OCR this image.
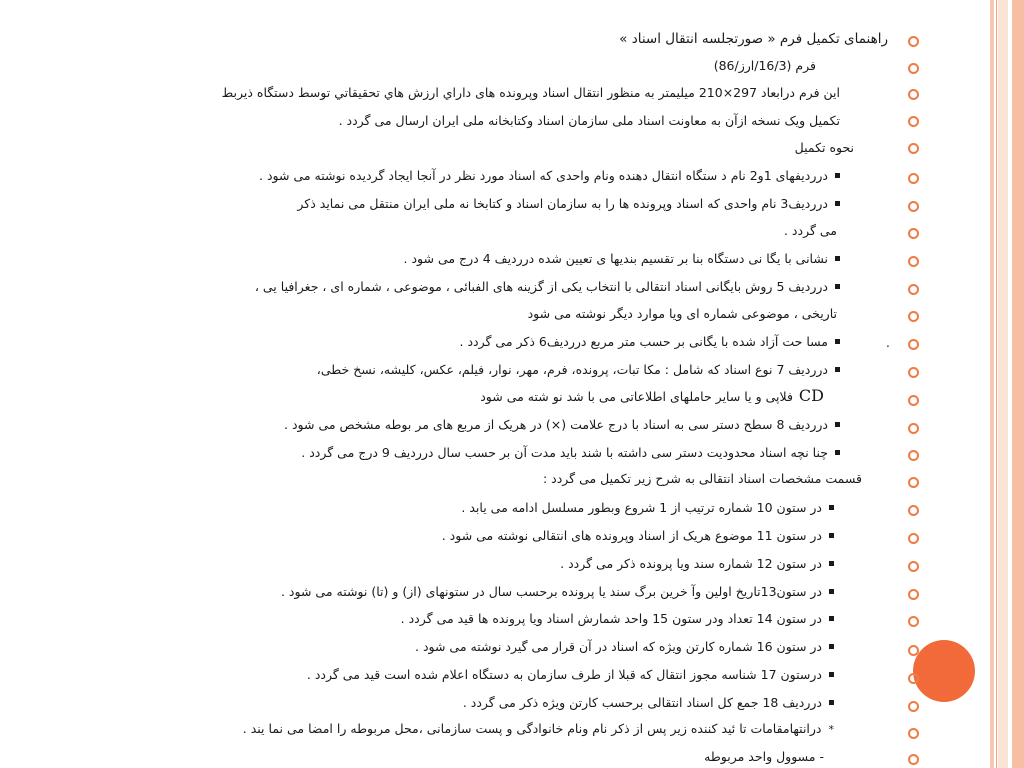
.
راهنمای تکمیل فرم « صورتجلسه انتقال اسناد »
فرم (16/3/ارز/86)
این فرم درابعاد 297×210 میلیمتر به منظور انتقال اسناد وپرونده های داراي ارزش هاي تحقيقاتي توسط دستگاه ذيربط
تکمیل ویک نسخه ازآن به معاونت اسناد ملی سازمان اسناد وکتابخانه ملی ایران ارسال می گردد .
نحوه تکمیل
درردیفهای 1و2 نام د ستگاه انتقال دهنده ونام واحدی که اسناد مورد نظر در آنجا ایجاد گردیده نوشته می شود .
درردیف3 نام واحدی که اسناد وپرونده ها را به سازمان اسناد و کتابخا نه ملی ایران منتقل می نماید ذکر
می گردد .
نشانی با یگا نی دستگاه بنا بر تقسیم بندیها ی تعیین شده درردیف 4 درج می شود .
درردیف 5 روش بایگانی اسناد انتقالی با انتخاب یکی از گزینه های الفبائی ، موضوعی ، شماره ای ، جغرافیا یی ،
تاریخی ، موضوعی شماره ای ویا موارد دیگر نوشته می شود
مسا حت آزاد شده با یگانی بر حسب متر مربع درردیف6 ذکر می گردد .
درردیف 7 نوع اسناد که شامل : مکا تبات، پرونده، فرم، مهر، نوار، فیلم، عکس، کلیشه، نسخ خطی،
CDفلاپی و یا سایر حاملهای اطلاعاتی می با شد نو شته می شود
درردیف 8 سطح دستر سی به اسناد با درج علامت (×) در هریک از مربع های مر بوطه مشخص می شود .
چنا نچه اسناد محدودیت دستر سی داشته با شند باید مدت آن بر حسب سال درردیف 9 درج می گردد .
قسمت مشخصات اسناد انتقالی به شرح زیر تکمیل می گردد :
در ستون 10 شماره ترتیب از 1 شروع وبطور مسلسل ادامه می یابد .
در ستون 11 موضوع هریک از اسناد وپرونده های انتقالی نوشته می شود .
در ستون 12 شماره سند ویا پرونده ذکر می گردد .
در ستون13تاریخ اولین وآ خرین برگ سند یا پرونده برحسب سال در ستونهای (از) و (تا) نوشته می شود .
در ستون 14 تعداد ودر ستون 15 واحد شمارش اسناد ویا پرونده ها قید می گردد .
در ستون 16 شماره کارتن ویژه که اسناد در آن قرار می گیرد نوشته می شود .
درستون 17 شناسه مجوز انتقال که قبلا از طرف سازمان به دستگاه اعلام شده است قید می گردد .
درردیف 18 جمع کل اسناد انتقالی برحسب کارتن ویژه ذکر می گردد .
*درانتهامقامات تا ئید کننده زیر پس از ذکر نام ونام خانوادگی و پست سازمانی ،محل مربوطه را امضا می نما یند .
- مسوول واحد مربوطه
